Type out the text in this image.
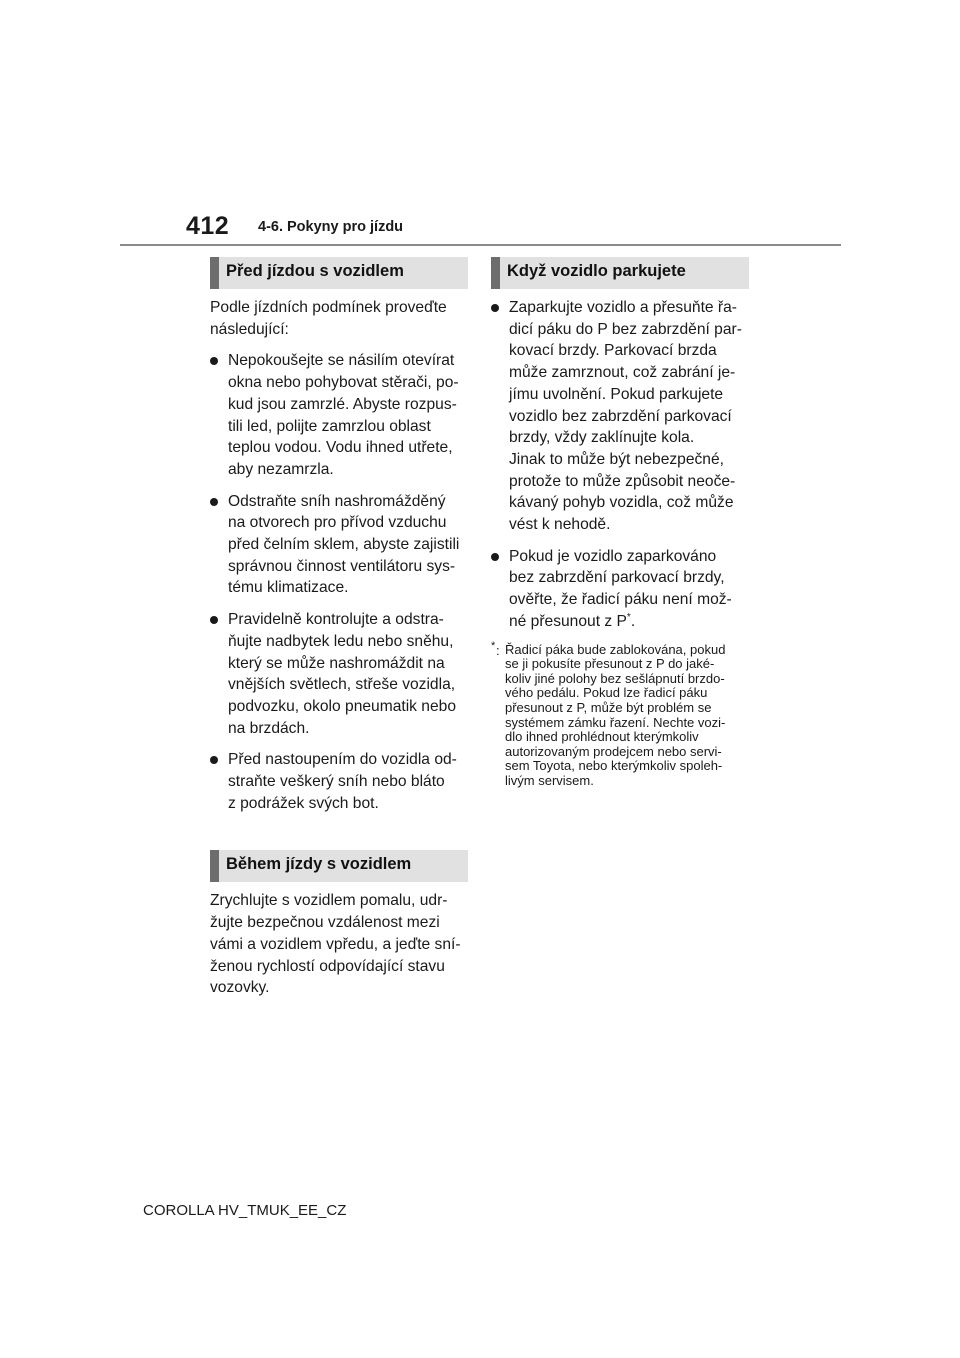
412 4-6. Pokyny pro jízdu
Před jízdou s vozidlem

Podle jízdních podmínek proveďte
následující:

Nepokoušejte se násilím otevírat
okna nebo pohybovat stěrači, po-
kud jsou zamrzlé. Abyste rozpus-
tili led, polijte zamrzlou oblast
teplou vodou. Vodu ihned utřete,
aby nezamrzla.
Odstraňte sníh nashromážděný
na otvorech pro přívod vzduchu
před čelním sklem, abyste zajistili
správnou činnost ventilátoru sys-
tému klimatizace.
Pravidelně kontrolujte a odstra-
ňujte nadbytek ledu nebo sněhu,
který se může nashromáždit na
vnějších světlech, střeše vozidla,
podvozku, okolo pneumatik nebo
na brzdách.
Před nastoupením do vozidla od-
straňte veškerý sníh nebo bláto
z podrážek svých bot.
Během jízdy s vozidlem

Zrychlujte s vozidlem pomalu, udr-
žujte bezpečnou vzdálenost mezi
vámi a vozidlem vpředu, a jeďte sní-
ženou rychlostí odpovídající stavu
vozovky.

Když vozidlo parkujete
Zaparkujte vozidlo a přesuňte řa-
dicí páku do P bez zabrzdění par-
kovací brzdy. Parkovací brzda
může zamrznout, což zabrání je-
jímu uvolnění. Pokud parkujete
vozidlo bez zabrzdění parkovací
brzdy, vždy zaklínujte kola.
Jinak to může být nebezpečné,
protože to může způsobit neoče-
kávaný pohyb vozidla, což může
vést k nehodě.
Pokud je vozidlo zaparkováno
bez zabrzdění parkovací brzdy,
ověřte, že řadicí páku není mož-
né přesunout z P*.
* : Řadicí páka bude zablokována, pokud
se ji pokusíte přesunout z P do jaké-
koliv jiné polohy bez sešlápnutí brzdo-
vého pedálu. Pokud lze řadicí páku
přesunout z P, může být problém se
systémem zámku řazení. Nechte vozi-
dlo ihned prohlédnout kterýmkoliv
autorizovaným prodejcem nebo servi-
sem Toyota, nebo kterýmkoliv spoleh-
livým servisem.
COROLLA HV_TMUK_EE_CZ
